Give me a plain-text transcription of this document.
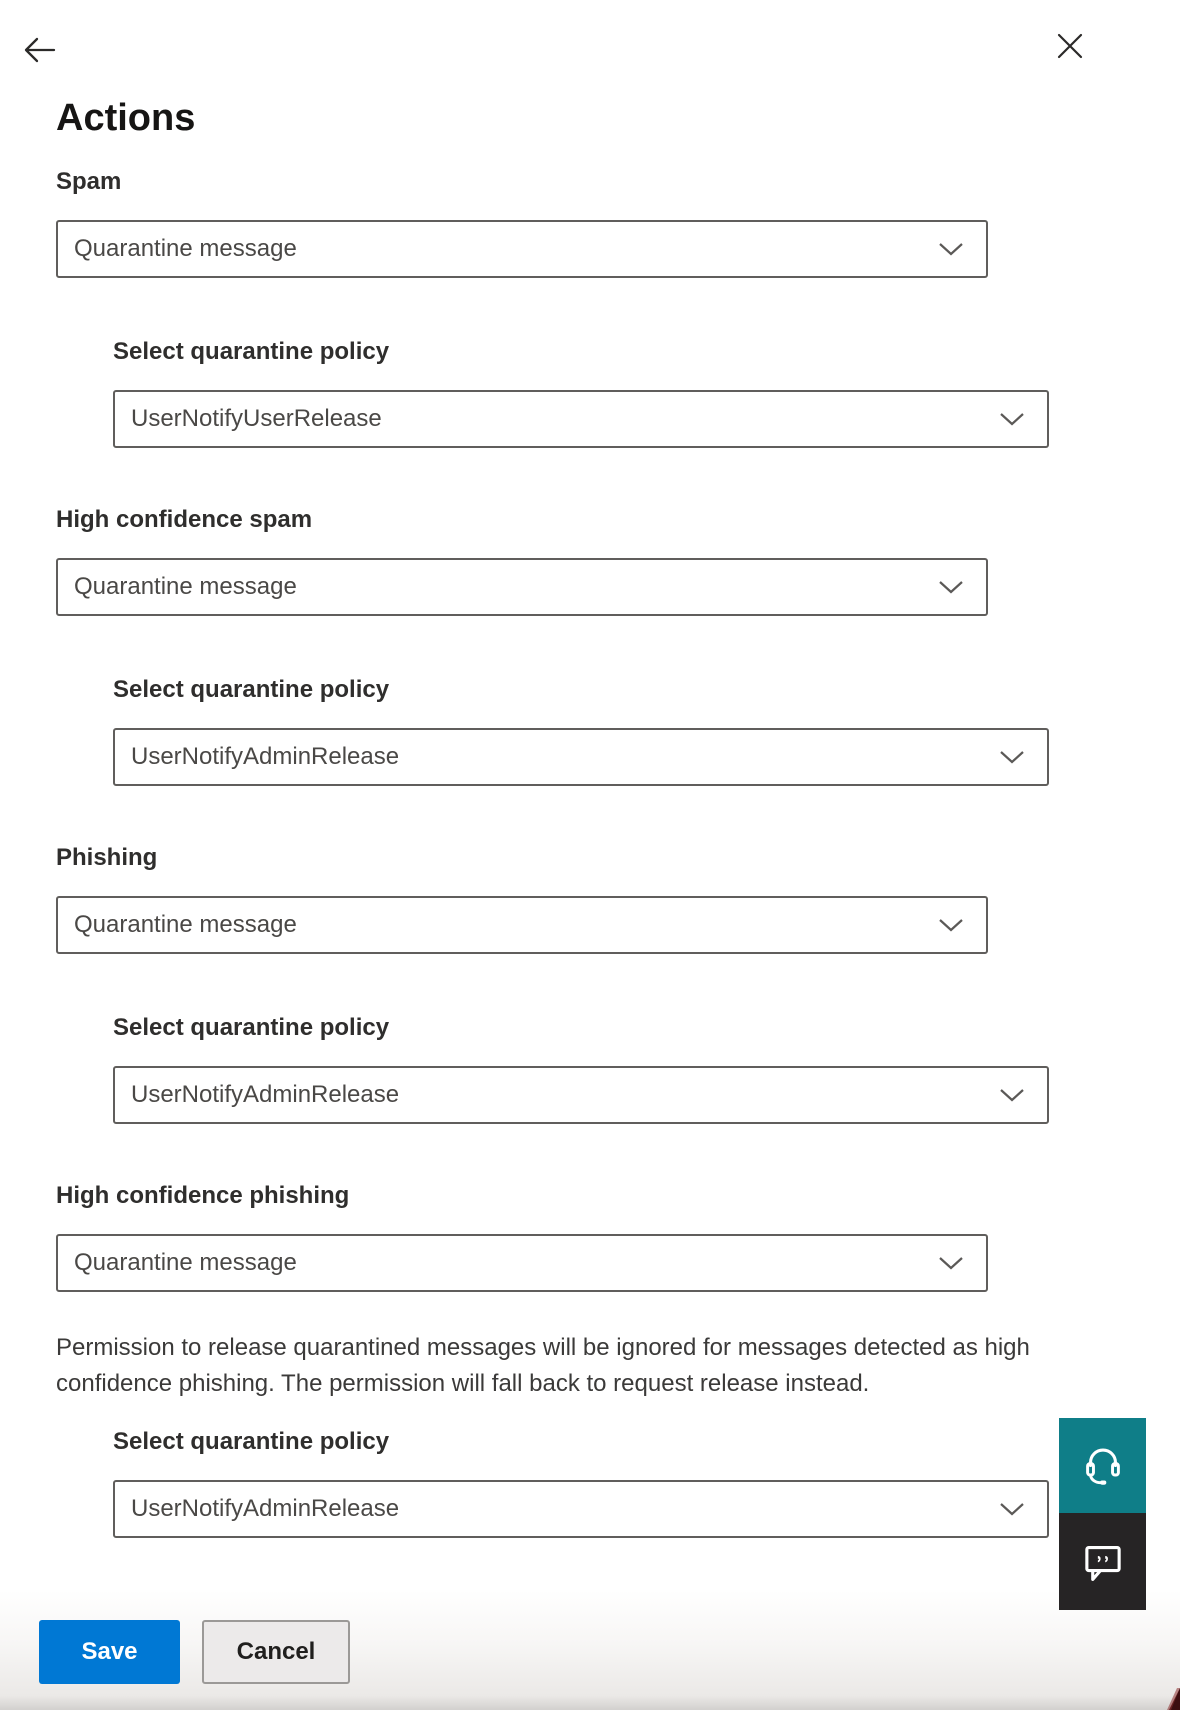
Actions
Spam
Quarantine message
Select quarantine policy
UserNotifyUserRelease
High confidence spam
Quarantine message
Select quarantine policy
UserNotifyAdminRelease
Phishing
Quarantine message
Select quarantine policy
UserNotifyAdminRelease
High confidence phishing
Quarantine message

Permission to release quarantined messages will be ignored for messages detected as high confidence phishing. The permission will fall back to request release instead.

Select quarantine policy
UserNotifyAdminRelease
Save	Cancel
